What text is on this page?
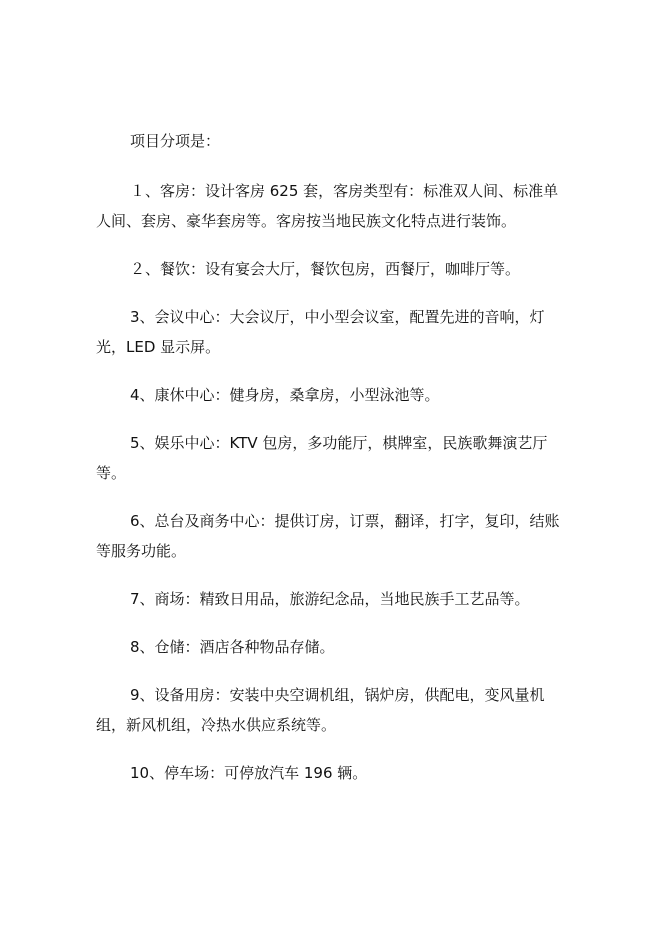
项目分项是：

１、客房：设计客房 625 套，客房类型有：标准双人间、标准单人间、套房、豪华套房等。客房按当地民族文化特点进行装饰。

２、餐饮：设有宴会大厅，餐饮包房，西餐厅，咖啡厅等。

3、会议中心：大会议厅，中小型会议室，配置先进的音响，灯光，LED 显示屏。

4、康休中心：健身房，桑拿房，小型泳池等。

5、娱乐中心：KTV 包房，多功能厅，棋牌室，民族歌舞演艺厅等。

6、总台及商务中心：提供订房，订票，翻译，打字，复印，结账等服务功能。

7、商场：精致日用品，旅游纪念品，当地民族手工艺品等。

8、仓储：酒店各种物品存储。

9、设备用房：安装中央空调机组，锅炉房，供配电，变风量机组，新风机组，冷热水供应系统等。

10、停车场：可停放汽车 196 辆。
